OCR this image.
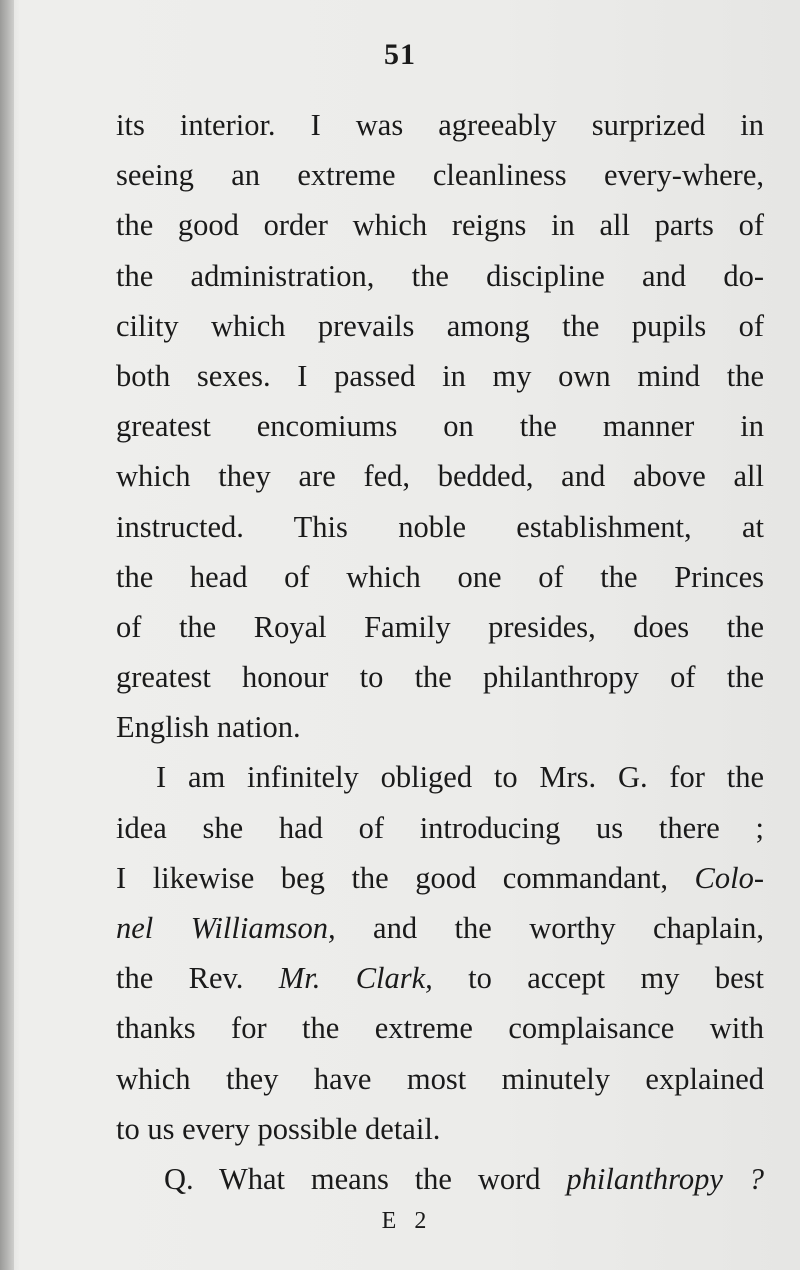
51
its interior. I was agreeably surprized in
seeing an extreme cleanliness every-where,
the good order which reigns in all parts of
the administration, the discipline and do-
cility which prevails among the pupils of
both sexes. I passed in my own mind the
greatest encomiums on the manner in
which they are fed, bedded, and above all
instructed. This noble establishment, at
the head of which one of the Princes
of the Royal Family presides, does the
greatest honour to the philanthropy of the
English nation.
I am infinitely obliged to Mrs. G. for the
idea she had of introducing us there ;
I likewise beg the good commandant, Colo-
nel Williamson, and the worthy chaplain,
the Rev. Mr. Clark, to accept my best
thanks for the extreme complaisance with
which they have most minutely explained
to us every possible detail.
Q. What means the word philanthropy ?
E 2
